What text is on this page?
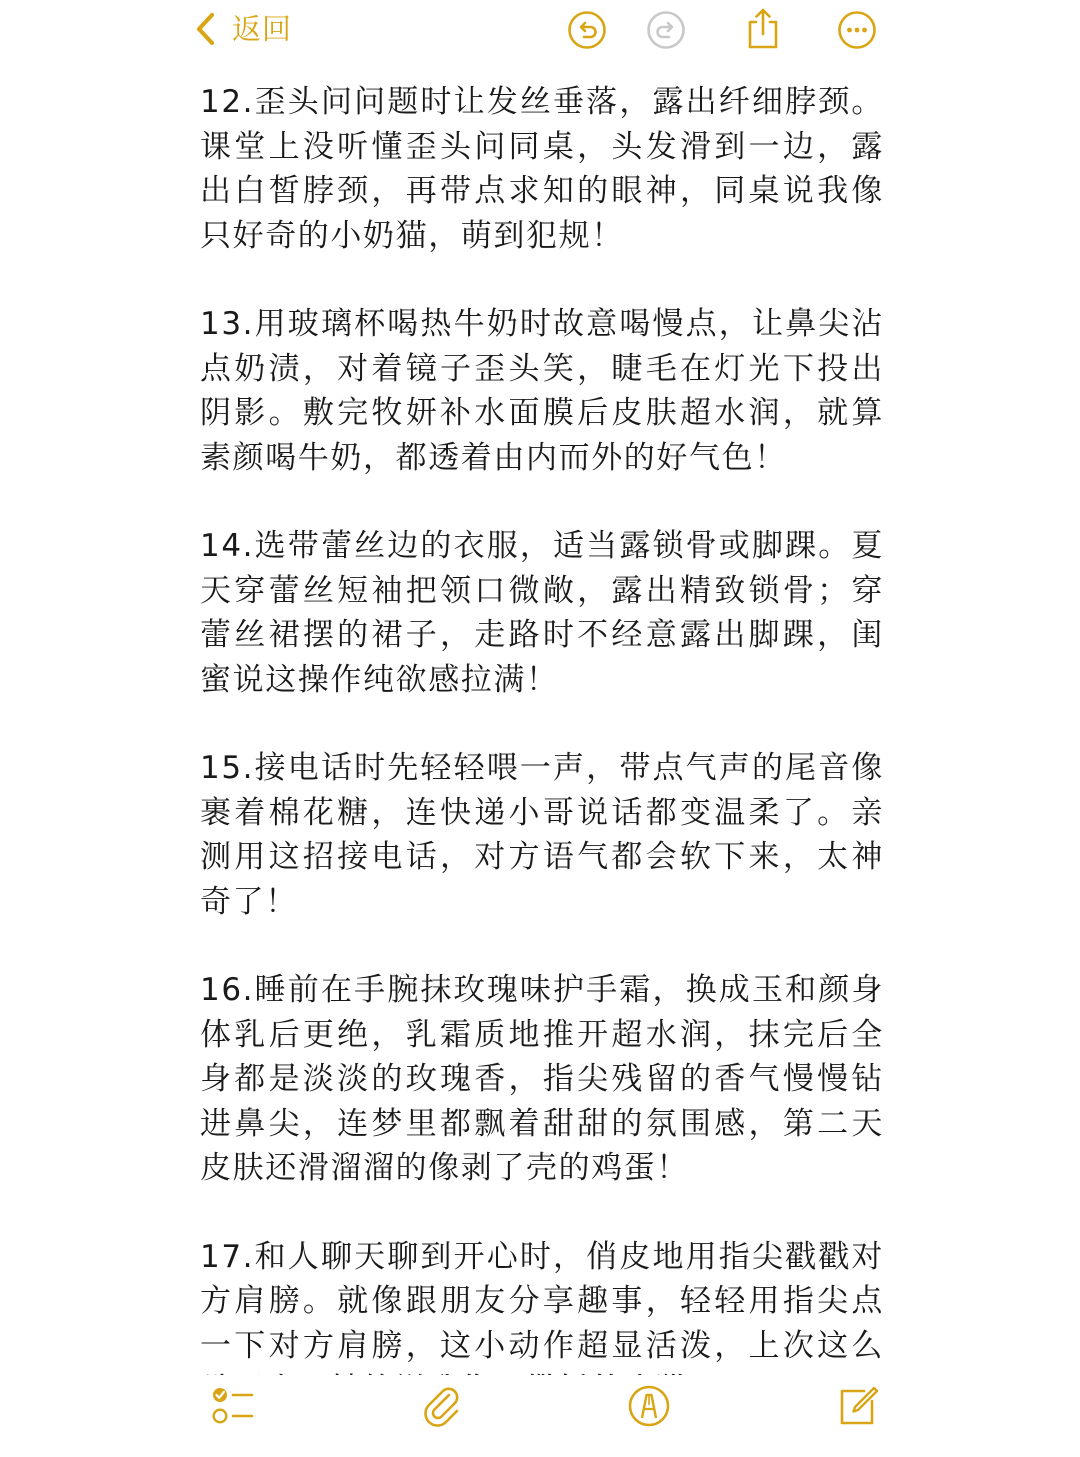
返回

12.歪头问问题时让发丝垂落，露出纤细脖颈。课堂上没听懂歪头问同桌，头发滑到一边，露出白皙脖颈，再带点求知的眼神，同桌说我像只好奇的小奶猫，萌到犯规！

13.用玻璃杯喝热牛奶时故意喝慢点，让鼻尖沾点奶渍，对着镜子歪头笑，睫毛在灯光下投出阴影。敷完牧妍补水面膜后皮肤超水润，就算素颜喝牛奶，都透着由内而外的好气色！

14.选带蕾丝边的衣服，适当露锁骨或脚踝。夏天穿蕾丝短袖把领口微敞，露出精致锁骨；穿蕾丝裙摆的裙子，走路时不经意露出脚踝，闺蜜说这操作纯欲感拉满！

15.接电话时先轻轻喂一声，带点气声的尾音像裹着棉花糖，连快递小哥说话都变温柔了。亲测用这招接电话，对方语气都会软下来，太神奇了！

16.睡前在手腕抹玫瑰味护手霜，换成玉和颜身体乳后更绝，乳霜质地推开超水润，抹完后全身都是淡淡的玫瑰香，指尖残留的香气慢慢钻进鼻尖，连梦里都飘着甜甜的氛围感，第二天皮肤还滑溜溜的像剥了壳的鸡蛋！

17.和人聊天聊到开心时，俏皮地用指尖戳戳对方肩膀。就像跟朋友分享趣事，轻轻用指尖点一下对方肩膀，这小动作超显活泼，上次这么
